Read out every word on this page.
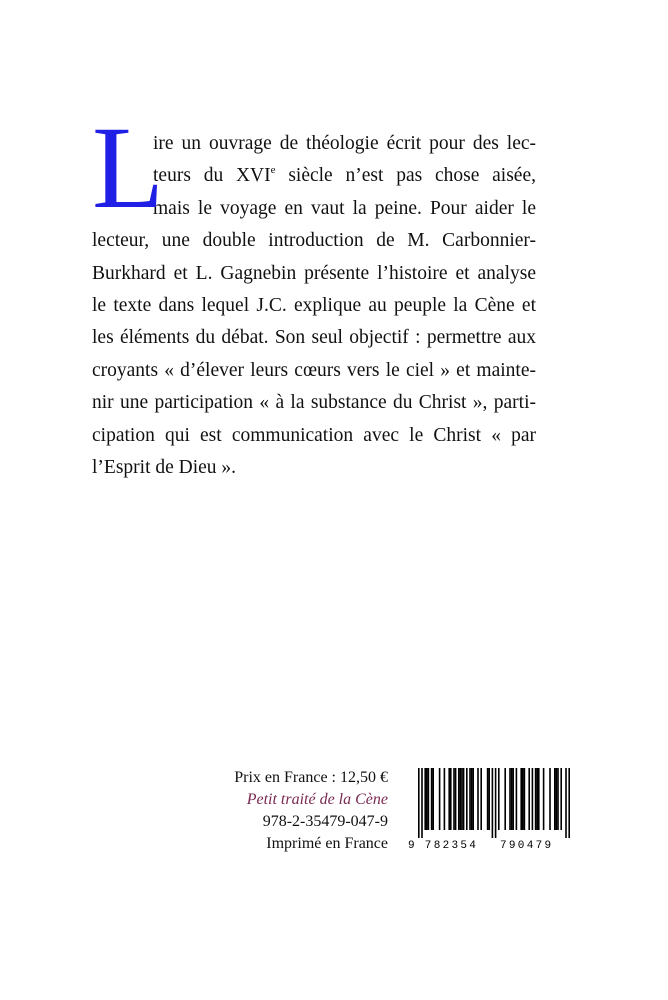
L
ire un ouvrage de théologie écrit pour des lec-
teurs du XVIe siècle n’est pas chose aisée,
mais le voyage en vaut la peine. Pour aider le
lecteur, une double introduction de M. Carbonnier-
Burkhard et L. Gagnebin présente l’histoire et analyse
le texte dans lequel J.C. explique au peuple la Cène et
les éléments du débat. Son seul objectif : permettre aux
croyants « d’élever leurs cœurs vers le ciel » et mainte-
nir une participation « à la substance du Christ », parti-
cipation qui est communication avec le Christ « par
l’Esprit de Dieu ».
Prix en France : 12,50 €
Petit traité de la Cène
978-2-35479-047-9
Imprimé en France 9 782354 790479
